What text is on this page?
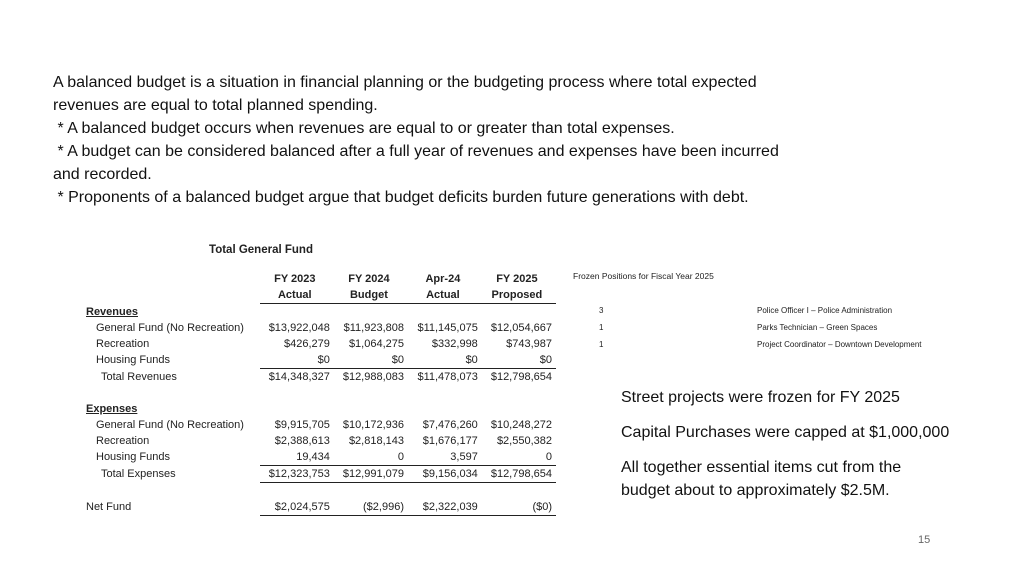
A balanced budget is a situation in financial planning or the budgeting process where total expected

revenues are equal to total planned spending.

* A balanced budget occurs when revenues are equal to or greater than total expenses.

* A budget can be considered balanced after a full year of revenues and expenses have been incurred

and recorded.

* Proponents of a balanced budget argue that budget deficits burden future generations with debt.

Total General Fund
	FY 2023	FY 2024	Apr-24	FY 2025
	Actual	Budget	Actual	Proposed
Revenues				
General Fund (No Recreation)	$13,922,048	$11,923,808	$11,145,075	$12,054,667
Recreation	$426,279	$1,064,275	$332,998	$743,987
Housing Funds	$0	$0	$0	$0
Total Revenues	$14,348,327	$12,988,083	$11,478,073	$12,798,654

Expenses				
General Fund (No Recreation)	$9,915,705	$10,172,936	$7,476,260	$10,248,272
Recreation	$2,388,613	$2,818,143	$1,676,177	$2,550,382
Housing Funds	19,434	0	3,597	0
Total Expenses	$12,323,753	$12,991,079	$9,156,034	$12,798,654

Net Fund	$2,024,575	($2,996)	$2,322,039	($0)
Frozen Positions for Fiscal Year 2025
3	Police Officer I – Police Administration
1	Parks Technician – Green Spaces
1	Project Coordinator – Downtown Development

Street projects were frozen for FY 2025

Capital Purchases were capped at $1,000,000

All together essential items cut from the
budget about to approximately $2.5M.

15
